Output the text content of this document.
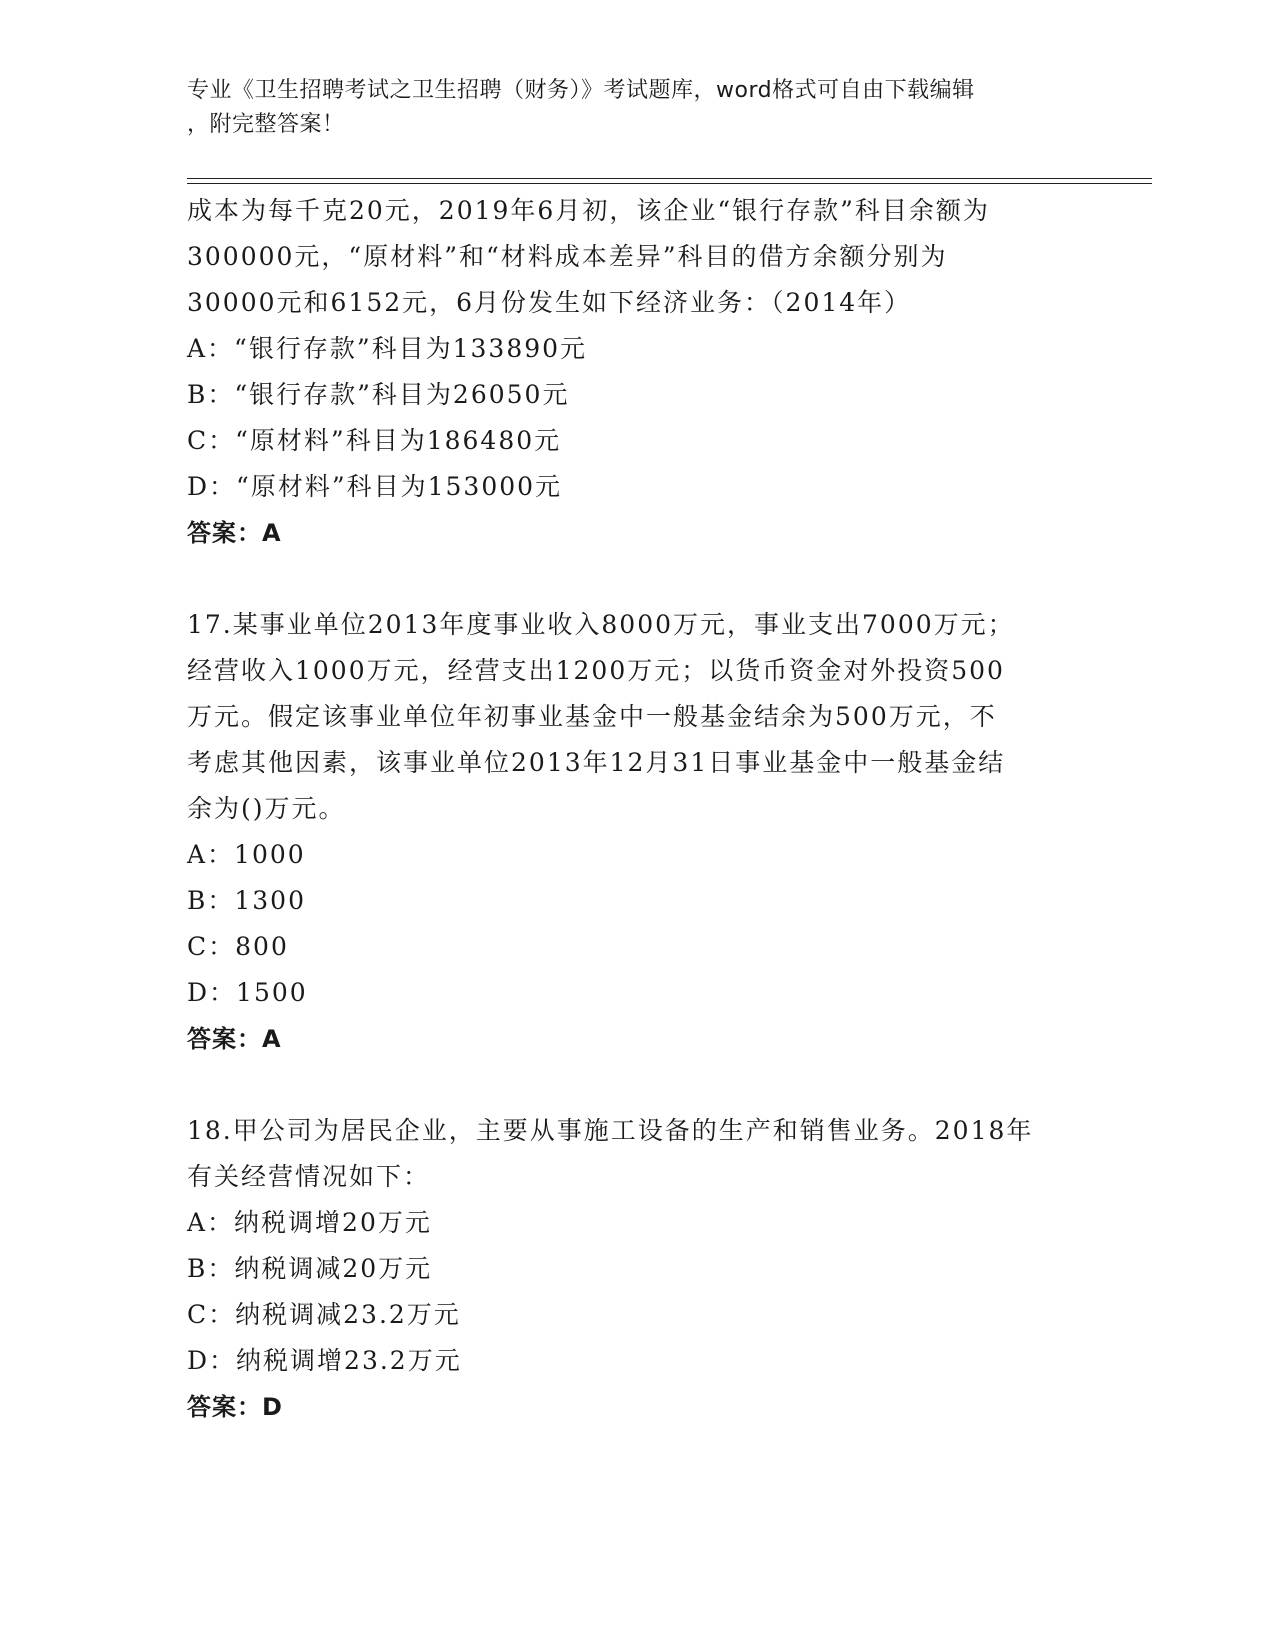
专业《卫生招聘考试之卫生招聘（财务）》考试题库，word格式可自由下载编辑
，附完整答案！

成本为每千克20元，2019年6月初，该企业“银行存款”科目余额为

300000元，“原材料”和“材料成本差异”科目的借方余额分别为

30000元和6152元，6月份发生如下经济业务：（2014年）

A：“银行存款”科目为133890元

B：“银行存款”科目为26050元

C：“原材料”科目为186480元

D：“原材料”科目为153000元

答案：A

17.某事业单位2013年度事业收入8000万元，事业支出7000万元；

经营收入1000万元，经营支出1200万元；以货币资金对外投资500

万元。假定该事业单位年初事业基金中一般基金结余为500万元，不

考虑其他因素，该事业单位2013年12月31日事业基金中一般基金结

余为()万元。

A：1000

B：1300

C：800

D：1500

答案：A

18.甲公司为居民企业，主要从事施工设备的生产和销售业务。2018年

有关经营情况如下：

A：纳税调增20万元

B：纳税调减20万元

C：纳税调减23.2万元

D：纳税调增23.2万元

答案：D
